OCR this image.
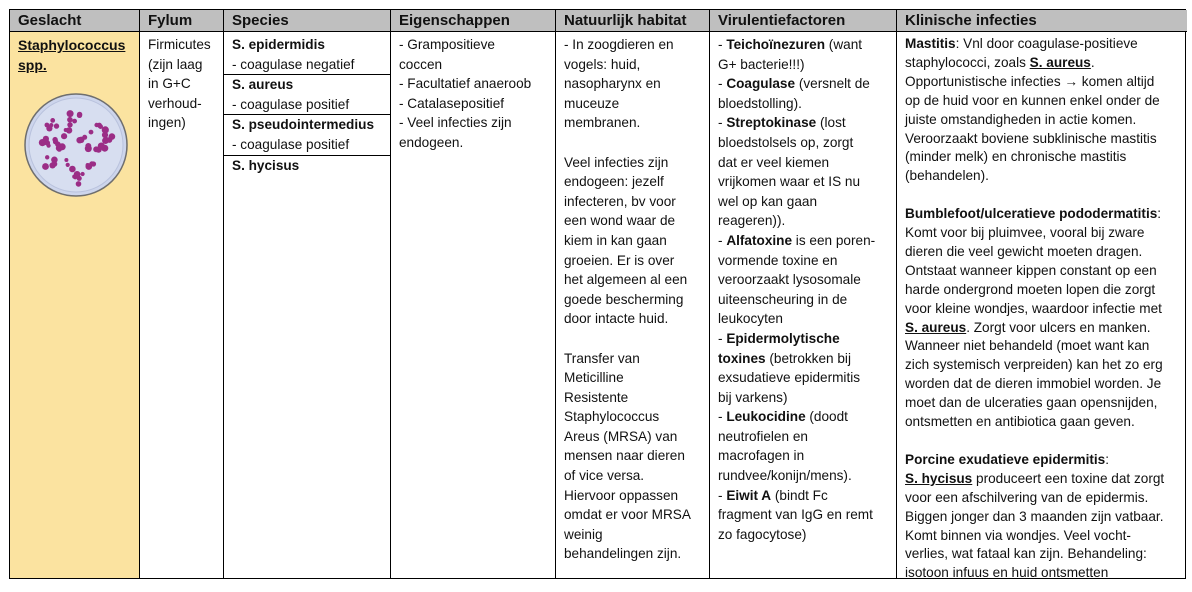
Geslacht
Staphylococcus spp.
Fylum
Firmicutes
(zijn laag
in G+C
verhoud-
ingen)
Species
S. epidermidis
- coagulase negatief
S. aureus
- coagulase positief
S. pseudointermedius
- coagulase positief
S. hycisus
Eigenschappen
- Grampositieve
coccen
- Facultatief anaeroob
- Catalasepositief
- Veel infecties zijn
endogeen.
Natuurlijk habitat
- In zoogdieren en
vogels: huid,
nasopharynx en
muceuze
membranen.
Veel infecties zijn
endogeen: jezelf
infecteren, bv voor
een wond waar de
kiem in kan gaan
groeien. Er is over
het algemeen al een
goede bescherming
door intacte huid.
Transfer van
Meticilline
Resistente
Staphylococcus
Areus (MRSA) van
mensen naar dieren
of vice versa.
Hiervoor oppassen
omdat er voor MRSA
weinig
behandelingen zijn.
Virulentiefactoren
- Teichoïnezuren (want
G+ bacterie!!!)
- Coagulase (versnelt de
bloedstolling).
- Streptokinase (lost
bloedstolsels op, zorgt
dat er veel kiemen
vrijkomen waar et IS nu
wel op kan gaan
reageren)).
- Alfatoxine is een poren-
vormende toxine en
veroorzaakt lysosomale
uiteenscheuring in de
leukocyten
- Epidermolytische
toxines (betrokken bij
exsudatieve epidermitis
bij varkens)
- Leukocidine (doodt
neutrofielen en
macrofagen in
rundvee/konijn/mens).
- Eiwit A (bindt Fc
fragment van IgG en remt
zo fagocytose)
Klinische infecties
Mastitis: Vnl door coagulase-positieve
staphylococci, zoals S. aureus.
Opportunistische infecties → komen altijd
op de huid voor en kunnen enkel onder de
juiste omstandigheden in actie komen.
Veroorzaakt boviene subklinische mastitis
(minder melk) en chronische mastitis
(behandelen).
Bumblefoot/ulceratieve pododermatitis:
Komt voor bij pluimvee, vooral bij zware
dieren die veel gewicht moeten dragen.
Ontstaat wanneer kippen constant op een
harde ondergrond moeten lopen die zorgt
voor kleine wondjes, waardoor infectie met
S. aureus. Zorgt voor ulcers en manken.
Wanneer niet behandeld (moet want kan
zich systemisch verpreiden) kan het zo erg
worden dat de dieren immobiel worden. Je
moet dan de ulceraties gaan opensnijden,
ontsmetten en antibiotica gaan geven.
Porcine exudatieve epidermitis:
S. hycisus produceert een toxine dat zorgt
voor een afschilvering van de epidermis.
Biggen jonger dan 3 maanden zijn vatbaar.
Komt binnen via wondjes. Veel vocht-
verlies, wat fataal kan zijn. Behandeling:
isotoon infuus en huid ontsmetten
